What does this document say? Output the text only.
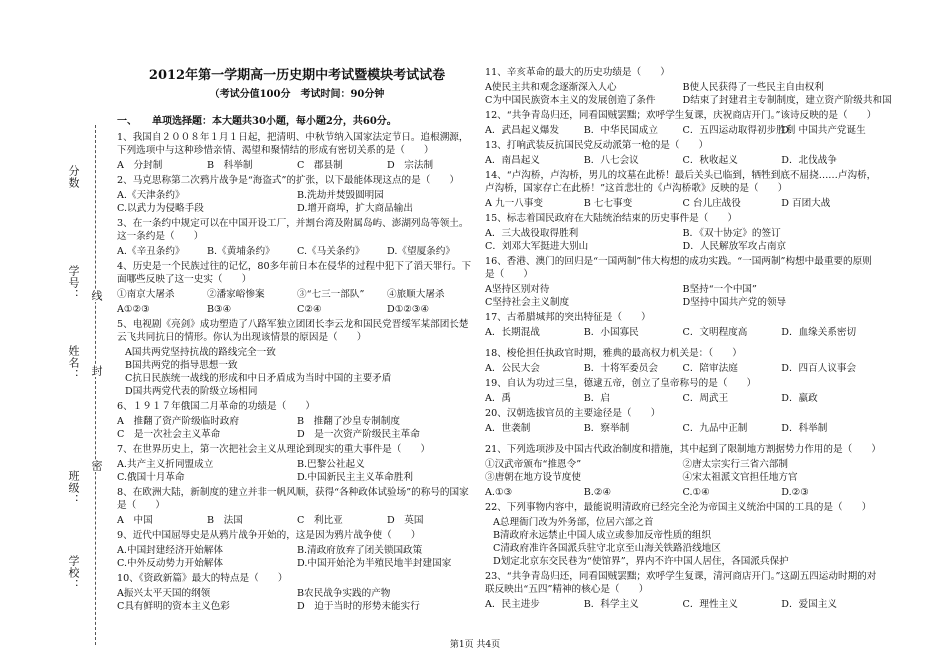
分数
学号：
姓名：
班级：
学校：
线
封
密
2012年第一学期高一历史期中考试暨模块考试试卷
（考试分值100分　考试时间：90分钟
一、　　单项选择题：本大题共30小题，每小题2分，共60分。
1、我国自２００８年１月１日起，把清明、中秋节纳入国家法定节日。追根溯源，下列选项中与这种珍惜亲情、渴望和聚情结的形成有密切关系的是（　　）
A　分封制	B　科举制	C　郡县制	D　宗法制
2、马克思称第二次鸦片战争是“海盗式”的扩张，以下最能体现这点的是（　　）
A.《天津条约》	B.洗劫并焚毁圆明园
C.以武力为侵略手段	D.增开商埠，扩大商品输出
3、在一条约中规定可以在中国开设工厂，并割台湾及附属岛屿、澎湖列岛等领土。这一条约是（　　）
A.《辛丑条约》	B.《黄埔条约》	C.《马关条约》	D.《望厦条约》
4、历史是一个民族过往的记忆，80多年前日本在侵华的过程中犯下了滔天罪行。下面哪些反映了这一史实（　　）
①南京大屠杀	②潘家峪惨案	③“七三一部队”	④旅顺大屠杀
A①②③	B③④	C②④	D①②③④
5、电视剧《亮剑》成功塑造了八路军独立团团长李云龙和国民党晋绥军某部团长楚云飞共同抗日的情形。你认为出现该情景的原因是（　　）
A国共两党坚持抗战的路线完全一致
B国共两党的指导思想一致
C抗日民族统一战线的形成和中日矛盾成为当时中国的主要矛盾
D国共两党代表的阶级立场相同
6、１９１７年俄国二月革命的功绩是（　　）
A　推翻了资产阶级临时政府	B　推翻了沙皇专制制度
C　是一次社会主义革命	D　是一次资产阶级民主革命
7、在世界历史上，第一次把社会主义从理论到现实的重大事件是（　　）
A.共产主义折同盟成立	B.巴黎公社起义
C.俄国十月革命	D.中国新民主主义革命胜利
8、在欧洲大陆，新制度的建立并非一帆风顺，获得“各种政体试验场”的称号的国家是（　　）
A　中国	B　法国	C　利比亚	D　英国
9、近代中国屈辱史是从鸦片战争开始的，这是因为鸦片战争使（　　）
A.中国封建经济开始解体	B.清政府放弃了闭关锁国政策
C.中外反动势力开始解体	D.中国开始沦为半殖民地半封建国家
10、《资政新篇》最大的特点是（　　）
A振兴太平天国的纲领	B农民战争实践的产物
C具有鲜明的资本主义色彩	D　迫于当时的形势未能实行
11、辛亥革命的最大的历史功绩是（　　）
A使民主共和观念逐渐深入人心	B使人民获得了一些民主自由权利
C为中国民族资本主义的发展创造了条件	D结束了封建君主专制制度，建立资产阶级共和国
12、“共争青岛归还，同看国贼罢黜；欢呼学生复课，庆祝商店开门。”该诗反映的是（　　）
A．武昌起义爆发	B．中华民国成立	C．五四运动取得初步胜利
D．中国共产党诞生
13、打响武装反抗国民党反动派第一枪的是（　　）
A．南昌起义	B．八七会议	C．秋收起义	D．北伐战争
14、“卢沟桥，卢沟桥，男儿的坟墓在此桥！最后关头已临到，牺牲到底不屈挠……卢沟桥，卢沟桥，国家存亡在此桥！”这首悲壮的《卢沟桥歌》反映的是（　　）
A 九一八事变	B 七七事变	C 台儿庄战役	D 百团大战
15、标志着国民政府在大陆统治结束的历史事件是（　　）
A．三大战役取得胜利	B．《双十协定》的签订
C．刘邓大军挺进大别山	D．人民解放军攻占南京
16、香港、澳门的回归是“一国两制”伟大构想的成功实践。“一国两制”构想中最重要的原则是（　　）
A坚持区别对待	B坚持“一个中国”
C坚持社会主义制度	D坚持中国共产党的领导
17、古希腊城邦的突出特征是（　　）
A．长期混战	B．小国寡民	C．文明程度高	D．血缘关系密切
18、梭伦担任执政官时期，雅典的最高权力机关是：（　　）
A．公民大会	B．十将军委员会	C．陪审法庭	D．四百人议事会
19、自认为功过三皇，德逮五帝，创立了皇帝称号的是（　　）
A．禹	B．启	C．周武王	D．嬴政
20、汉朝选拔官员的主要途径是（　　）
A．世袭制	B．察举制	C．九品中正制	D．科举制
21、下列选项涉及中国古代政治制度和措施，其中起到了限制地方割据势力作用的是（　　）
①汉武帝颁布“推恩令”	②唐太宗实行三省六部制
③唐朝在地方设节度使	④宋太祖派文官担任地方官
A.①③	B.②④	C.①④	D.②③
22、下列事物内容中，最能说明清政府已经完全沦为帝国主义统治中国的工具的是（　　）
A总理衙门改为外务部，位居六部之首
B清政府永远禁止中国人成立或参加反帝性质的组织
C清政府准许各国派兵驻守北京至山海关铁路沿线地区
D划定北京东交民巷为“使馆界”，界内不许中国人居住，各国派兵保护
23、“共争青岛归还，同看国贼罢黜；欢呼学生复课，清河商店开门。”这副五四运动时期的对联反映出“五四”精神的核心是（　　）
A．民主进步	B．科学主义	C．理性主义	D．爱国主义
第1页 共4页
